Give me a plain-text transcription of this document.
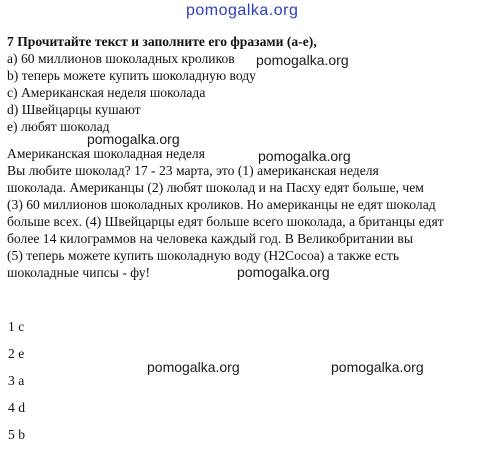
pomogalka.org
7 Прочитайте текст и заполните его фразами (a-e),
a) 60 миллионов шоколадных кроликов
b) теперь можете купить шоколадную воду
c) Американская неделя шоколада
d) Швейцарцы кушают
e) любят шоколад
pomogalka.org
Американская шоколадная неделя
Вы любите шоколад? 17 - 23 марта, это (1) американская неделя
шоколада. Американцы (2) любят шоколад и на Пасху едят больше, чем
(3) 60 миллионов шоколадных кроликов. Но американцы не едят шоколад
больше всех. (4) Швейцарцы едят больше всего шоколада, а британцы едят
более 14 килограммов на человека каждый год. В Великобритании вы
(5) теперь можете купить шоколадную воду (H2Cocoa) а также есть
шоколадные чипсы - фу!
pomogalka.org
pomogalka.org
pomogalka.org
1 c
2 e
3 a
4 d
5 b
pomogalka.org	pomogalka.org
